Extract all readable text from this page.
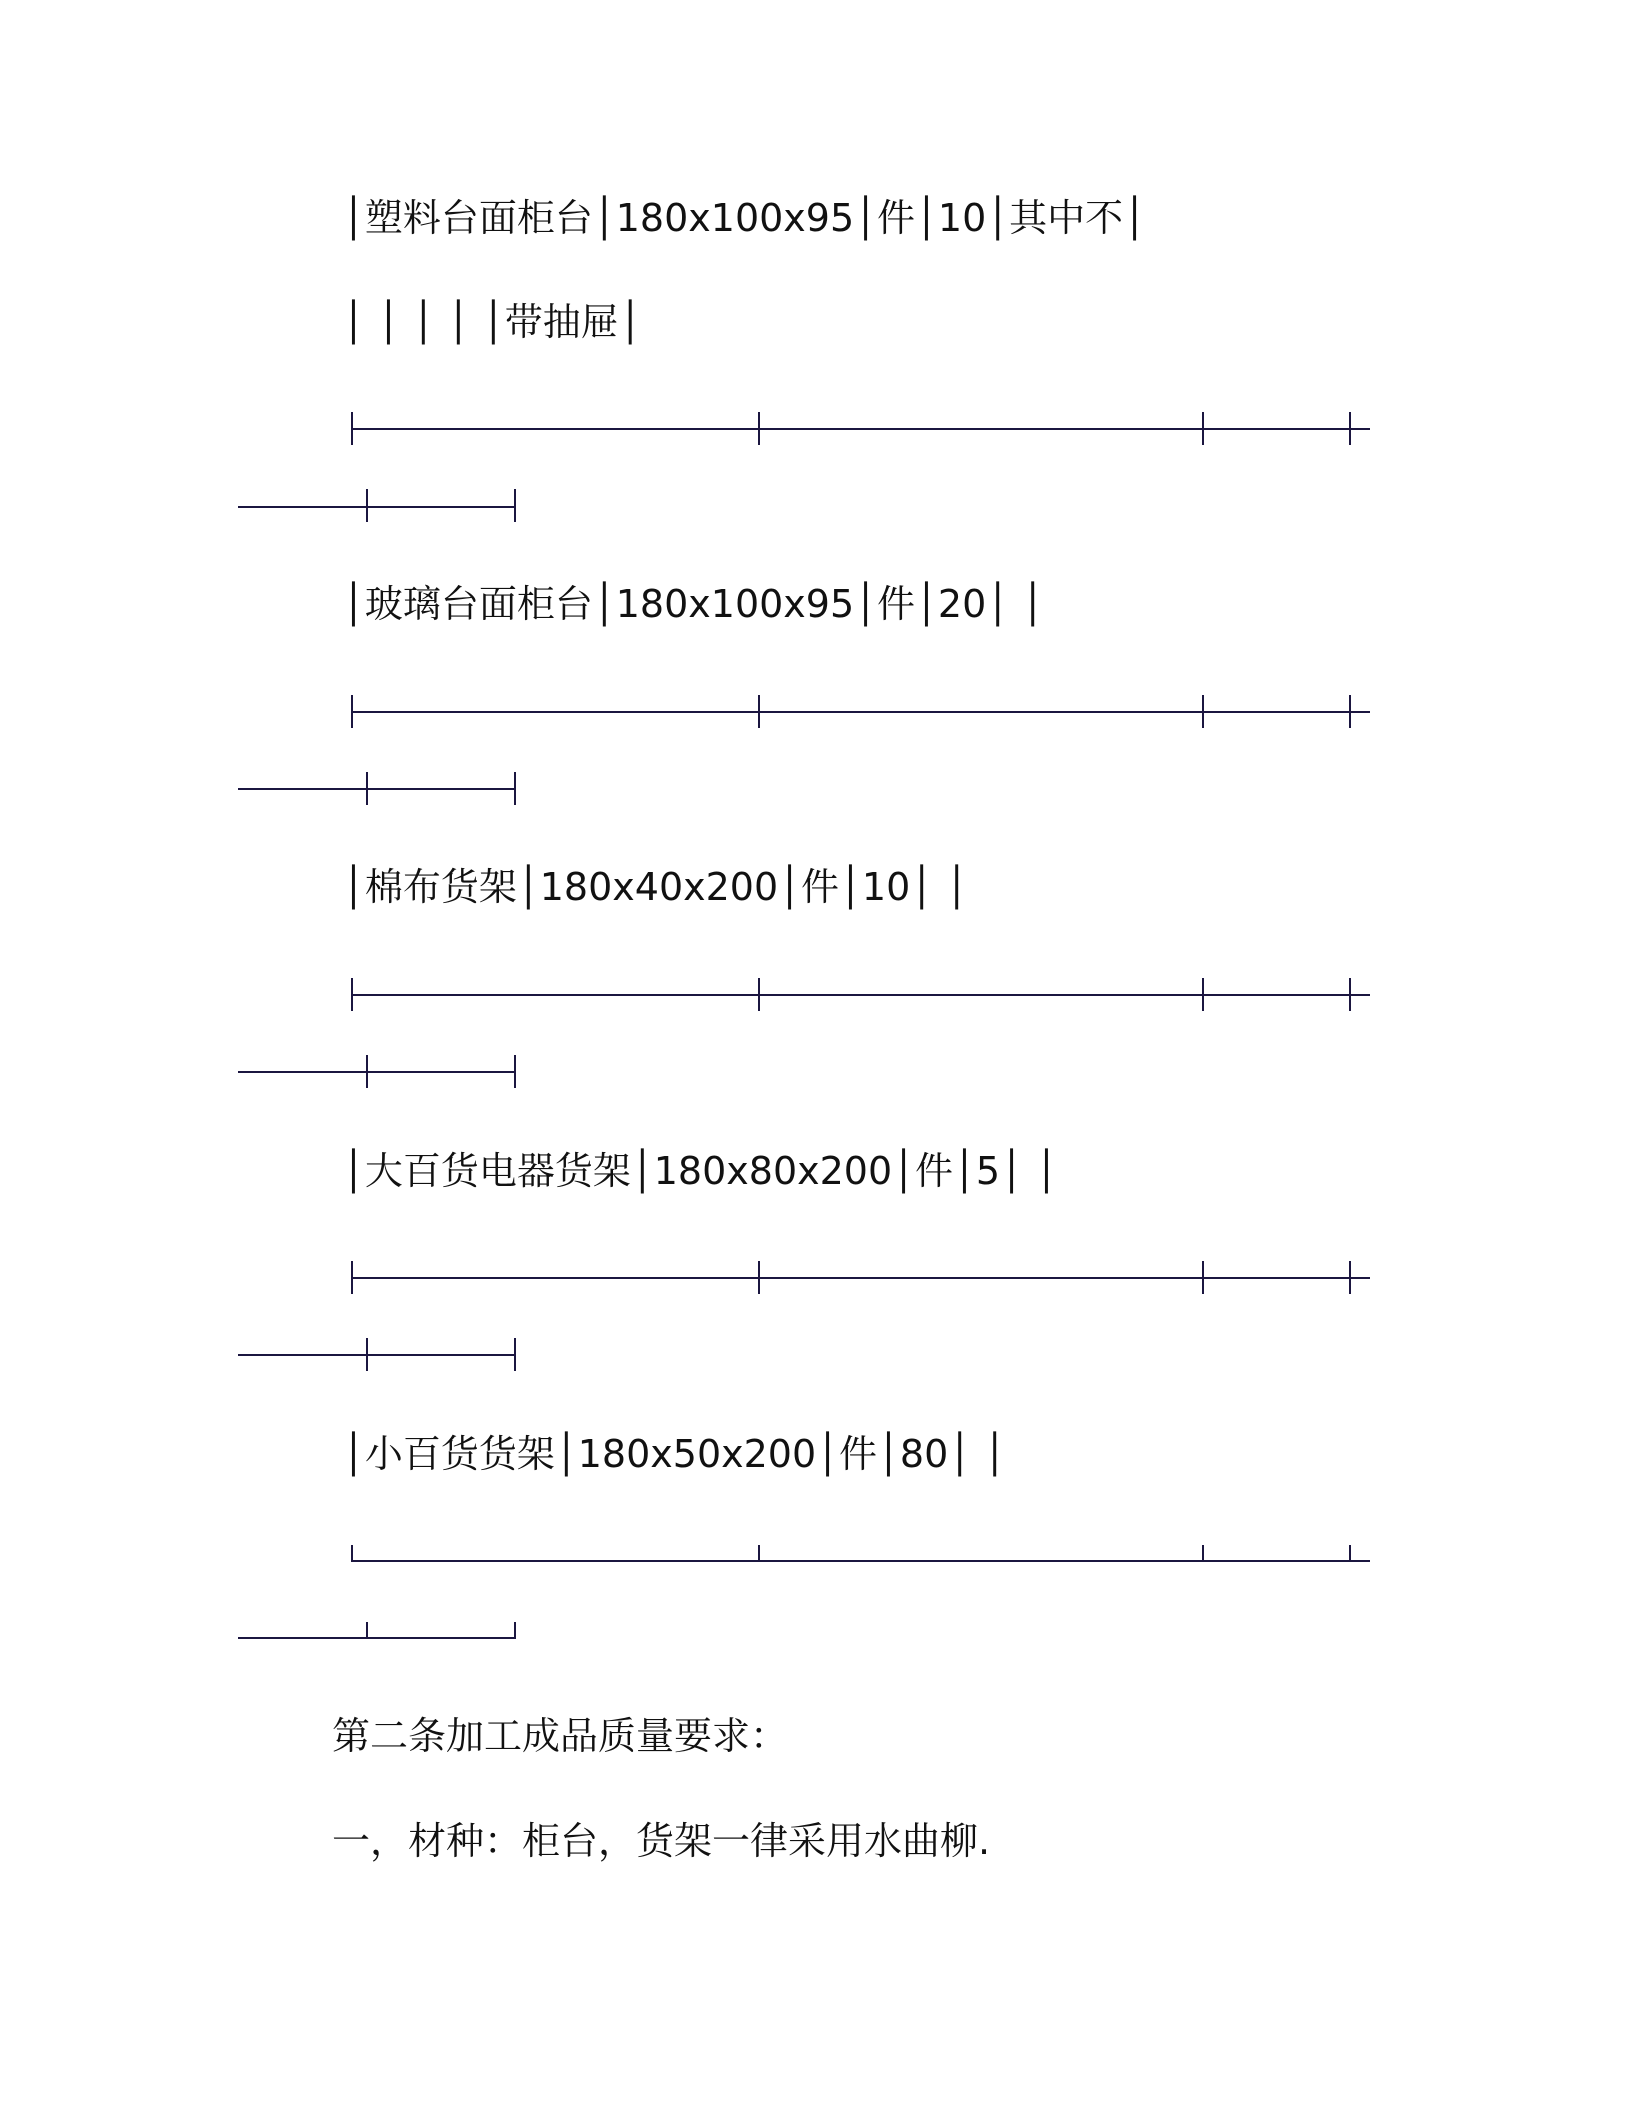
│塑料台面柜台│180x100x95│件│10│其中不│
│ │ │ │ │带抽屉│
│玻璃台面柜台│180x100x95│件│20│ │
│棉布货架│180x40x200│件│10│ │
│大百货电器货架│180x80x200│件│5│ │
│小百货货架│180x50x200│件│80│ │
第二条加工成品质量要求：
一，材种：柜台，货架一律采用水曲柳.
